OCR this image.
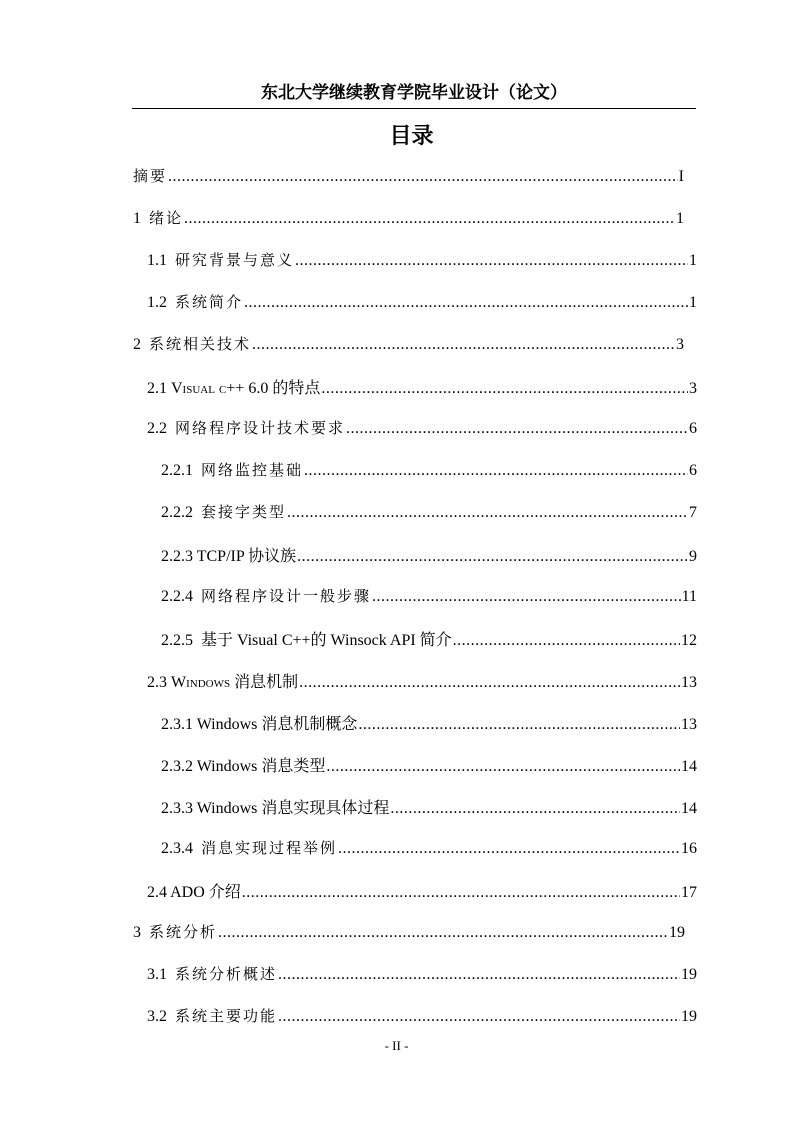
东北大学继续教育学院毕业设计（论文）
目录
摘要 .....	I
1 绪论 .....	1
1.1 研究背景与意义 .....	1
1.2 系统简介 .....	1
2 系统相关技术 .....	3
2.1 Visual c++ 6.0 的特点 .....	3
2.2 网络程序设计技术要求 .....	6
2.2.1 网络监控基础 .....	6
2.2.2 套接字类型 .....	7
2.2.3 TCP/IP 协议族 .....	9
2.2.4 网络程序设计一般步骤 .....	11
2.2.5 基于 Visual C++的 Winsock API 简介 .....	12
2.3 Windows 消息机制 .....	13
2.3.1 Windows 消息机制概念 .....	13
2.3.2 Windows 消息类型 .....	14
2.3.3 Windows 消息实现具体过程 .....	14
2.3.4 消息实现过程举例 .....	16
2.4 ADO 介绍 .....	17
3 系统分析 .....	19
3.1 系统分析概述 .....	19
3.2 系统主要功能 .....	19
- II -
